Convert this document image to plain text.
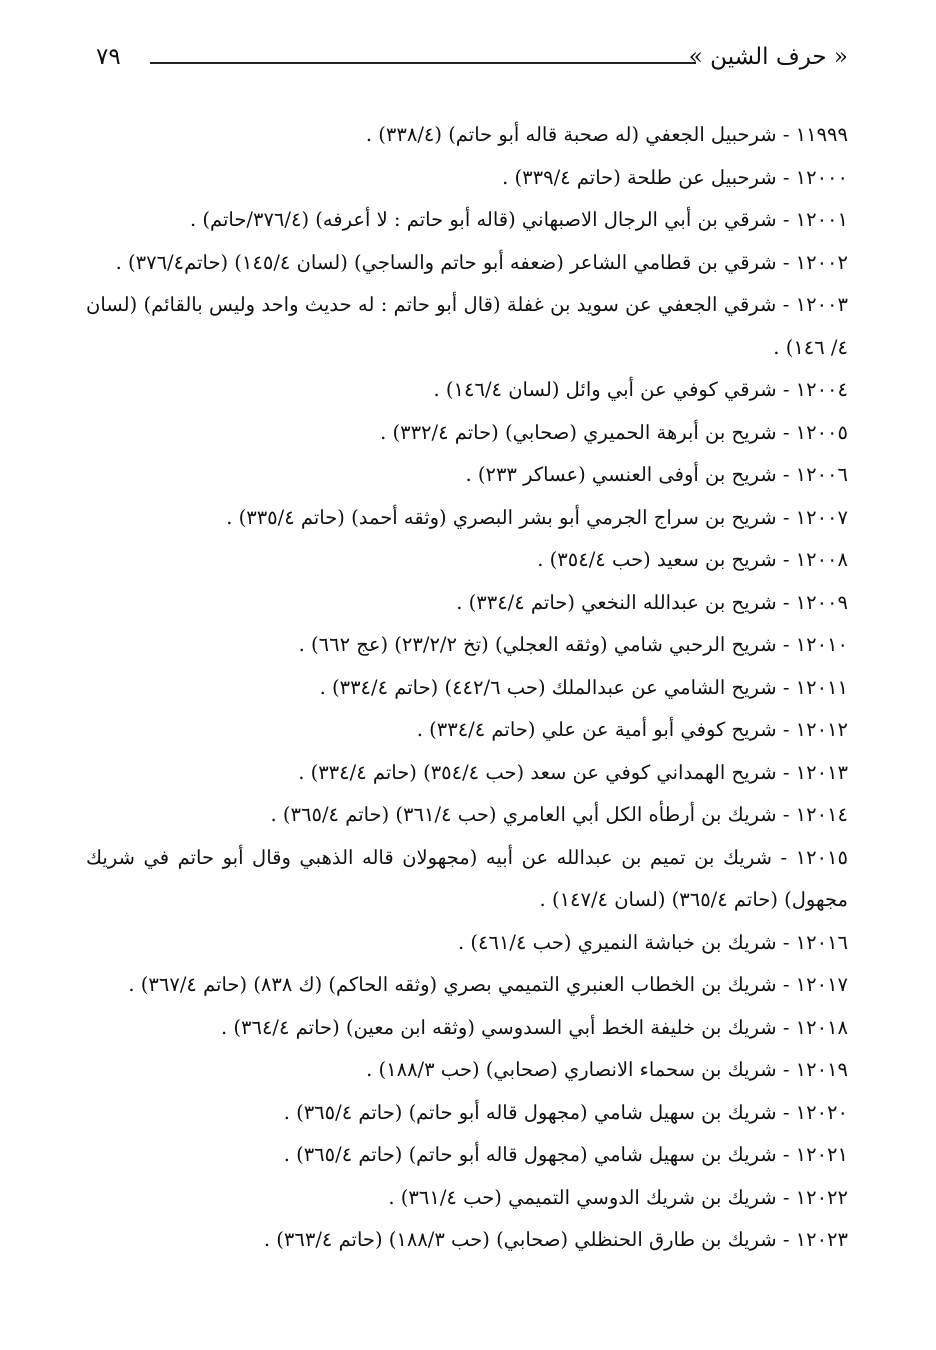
« حرف الشين »
٧٩
١١٩٩٩ - شرحبيل الجعفي (له صحبة قاله أبو حاتم) (٣٣٨/٤) .
١٢٠٠٠ - شرحبيل عن طلحة (حاتم ٣٣٩/٤) .
١٢٠٠١ - شرقي بن أبي الرجال الاصبهاني (قاله أبو حاتم : لا أعرفه) (٣٧٦/٤/حاتم) .
١٢٠٠٢ - شرقي بن قطامي الشاعر (ضعفه أبو حاتم والساجي) (لسان ١٤٥/٤) (حاتم٣٧٦/٤) .
١٢٠٠٣ - شرقي الجعفي عن سويد بن غفلة (قال أبو حاتم : له حديث واحد وليس بالقائم) (لسان ٤/ ١٤٦) .
١٢٠٠٤ - شرقي كوفي عن أبي وائل (لسان ١٤٦/٤) .
١٢٠٠٥ - شريح بن أبرهة الحميري (صحابي) (حاتم ٣٣٢/٤) .
١٢٠٠٦ - شريح بن أوفى العنسي (عساكر ٢٣٣) .
١٢٠٠٧ - شريح بن سراج الجرمي أبو بشر البصري (وثقه أحمد) (حاتم ٣٣٥/٤) .
١٢٠٠٨ - شريح بن سعيد (حب ٣٥٤/٤) .
١٢٠٠٩ - شريح بن عبدالله النخعي (حاتم ٣٣٤/٤) .
١٢٠١٠ - شريح الرحبي شامي (وثقه العجلي) (تخ ٢٣/٢/٢) (عج ٦٦٢) .
١٢٠١١ - شريح الشامي عن عبدالملك (حب ٤٤٢/٦) (حاتم ٣٣٤/٤) .
١٢٠١٢ - شريح كوفي أبو أمية عن علي (حاتم ٣٣٤/٤) .
١٢٠١٣ - شريح الهمداني كوفي عن سعد (حب ٣٥٤/٤) (حاتم ٣٣٤/٤) .
١٢٠١٤ - شريك بن أرطأه الكل أبي العامري (حب ٣٦١/٤) (حاتم ٣٦٥/٤) .
١٢٠١٥ - شريك بن تميم بن عبدالله عن أبيه (مجهولان قاله الذهبي وقال أبو حاتم في شريك مجهول) (حاتم ٣٦٥/٤) (لسان ١٤٧/٤) .
١٢٠١٦ - شريك بن خباشة النميري (حب ٤٦١/٤) .
١٢٠١٧ - شريك بن الخطاب العنبري التميمي بصري (وثقه الحاكم) (ك ٨٣٨) (حاتم ٣٦٧/٤) .
١٢٠١٨ - شريك بن خليفة الخط أبي السدوسي (وثقه ابن معين) (حاتم ٣٦٤/٤) .
١٢٠١٩ - شريك بن سحماء الانصاري (صحابي) (حب ١٨٨/٣) .
١٢٠٢٠ - شريك بن سهيل شامي (مجهول قاله أبو حاتم) (حاتم ٣٦٥/٤) .
١٢٠٢١ - شريك بن سهيل شامي (مجهول قاله أبو حاتم) (حاتم ٣٦٥/٤) .
١٢٠٢٢ - شريك بن شريك الدوسي التميمي (حب ٣٦١/٤) .
١٢٠٢٣ - شريك بن طارق الحنظلي (صحابي) (حب ١٨٨/٣) (حاتم ٣٦٣/٤) .
